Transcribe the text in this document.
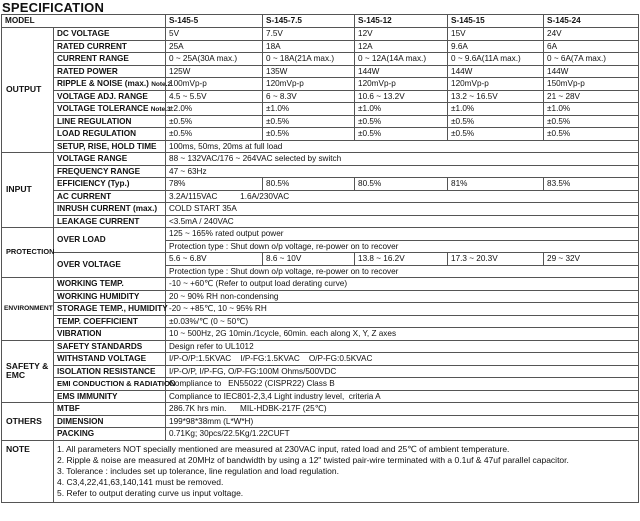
SPECIFICATION
MODEL		S-145-5	S-145-7.5	S-145-12	S-145-15	S-145-24
OUTPUT	DC VOLTAGE	5V	7.5V	12V	15V	24V
	RATED CURRENT	25A	18A	12A	9.6A	6A
	CURRENT RANGE	0 ~ 25A(30A max.)	0 ~ 18A(21A max.)	0 ~ 12A(14A max.)	0 ~ 9.6A(11A max.)	0 ~ 6A(7A max.)
	RATED POWER	125W	135W	144W	144W	144W
	RIPPLE & NOISE (max.) Note.2	100mVp-p	120mVp-p	120mVp-p	120mVp-p	150mVp-p
	VOLTAGE ADJ. RANGE	4.5 ~ 5.5V	6 ~ 8.3V	10.6 ~ 13.2V	13.2 ~ 16.5V	21 ~ 28V
	VOLTAGE TOLERANCE Note.3	±2.0%	±1.0%	±1.0%	±1.0%	±1.0%
	LINE REGULATION	±0.5%	±0.5%	±0.5%	±0.5%	±0.5%
	LOAD REGULATION	±0.5%	±0.5%	±0.5%	±0.5%	±0.5%
	SETUP, RISE, HOLD TIME	100ms, 50ms, 20ms at full load				
INPUT	VOLTAGE RANGE	88 ~ 132VAC/176 ~ 264VAC selected by switch				
	FREQUENCY RANGE	47 ~ 63Hz				
	EFFICIENCY (Typ.)	78%	80.5%	80.5%	81%	83.5%
	AC CURRENT	3.2A/115VAC          1.6A/230VAC				
	INRUSH CURRENT (max.)	COLD START 35A				
	LEAKAGE CURRENT	<3.5mA / 240VAC				
PROTECTION	OVER LOAD	125 ~ 165% rated output power				
		Protection type : Shut down o/p voltage, re-power on to recover				
	OVER VOLTAGE	5.6 ~ 6.8V	8.6 ~ 10V	13.8 ~ 16.2V	17.3 ~ 20.3V	29 ~ 32V
		Protection type : Shut down o/p voltage, re-power on to recover				
ENVIRONMENT	WORKING TEMP.	-10 ~ +60℃ (Refer to output load derating curve)				
	WORKING HUMIDITY	20 ~ 90% RH non-condensing				
	STORAGE TEMP., HUMIDITY	-20 ~ +85℃, 10 ~ 95% RH				
	TEMP. COEFFICIENT	±0.03%/℃ (0 ~ 50℃)				
	VIBRATION	10 ~ 500Hz, 2G 10min./1cycle, 60min. each along X, Y, Z axes				

SAFETY &
EMC	SAFETY STANDARDS	Design refer to UL1012				
	WITHSTAND VOLTAGE	I/P-O/P:1.5KVAC    I/P-FG:1.5KVAC    O/P-FG:0.5KVAC				
	ISOLATION RESISTANCE	I/P-O/P, I/P-FG, O/P-FG:100M Ohms/500VDC				
	EMI CONDUCTION & RADIATION	Compliance to   EN55022 (CISPR22) Class B				
	EMS IMMUNITY	Compliance to IEC801-2,3,4 Light industry level,  criteria A				
OTHERS	MTBF	286.7K hrs min.      MIL-HDBK-217F (25℃)				
	DIMENSION	199*98*38mm (L*W*H)				
	PACKING	0.71Kg; 30pcs/22.5Kg/1.22CUFT				
NOTE	1. All parameters NOT specially mentioned are measured at 230VAC input, rated load and 25℃ of ambient temperature.
2. Ripple & noise are measured at 20MHz of bandwidth by using a 12" twisted pair-wire terminated with a 0.1uf & 47uf parallel capacitor.
3. Tolerance : includes set up tolerance, line regulation and load regulation.
4. C3,4,22,41,63,140,141 must be removed.
5. Refer to output derating curve us input voltage.					
